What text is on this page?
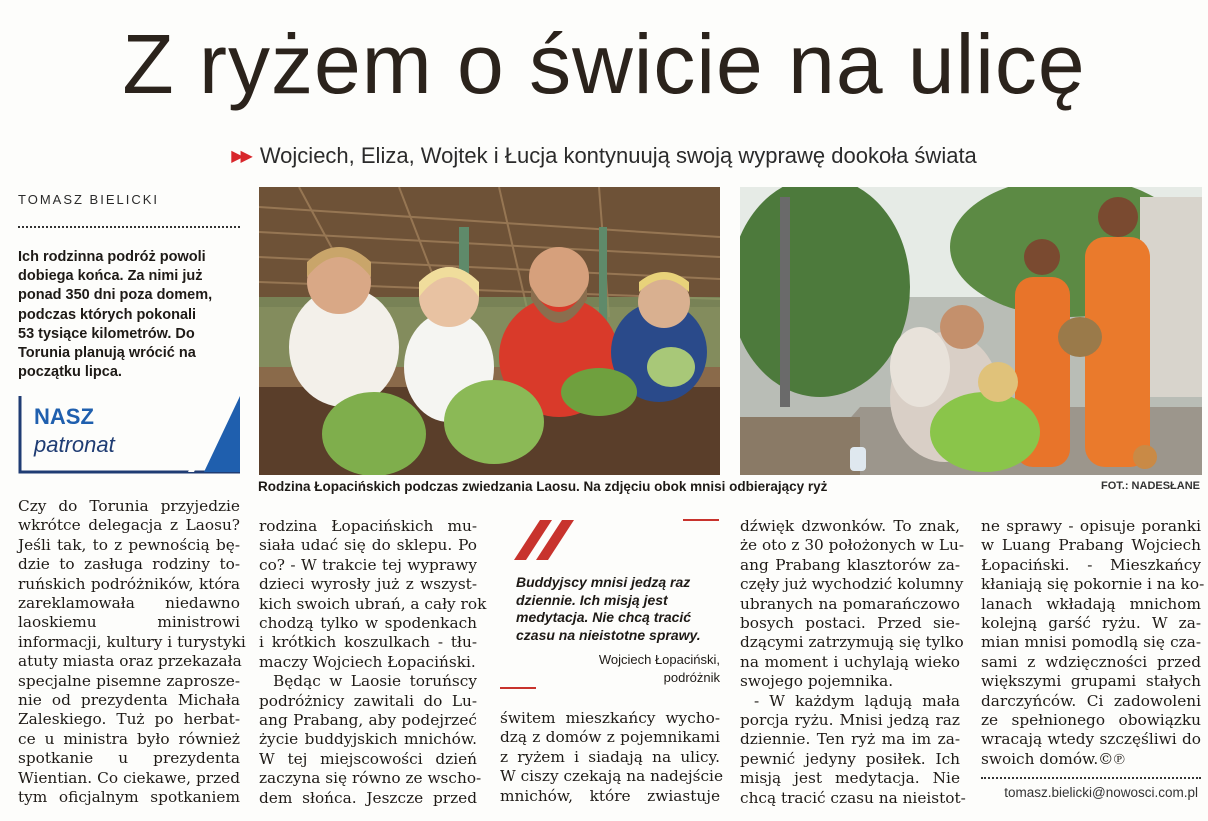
Z ryżem o świcie na ulicę
▶▶ Wojciech, Eliza, Wojtek i Łucja kontynuują swoją wyprawę dookoła świata
TOMASZ BIELICKI
Ich rodzinna podróż powoli
dobiega końca. Za nimi już
ponad 350 dni poza domem,
podczas których pokonali
53 tysiące kilometrów. Do
Torunia planują wrócić na
początku lipca.
NASZ
patronat
Rodzina Łopacińskich podczas zwiedzania Laosu. Na zdjęciu obok mnisi odbierający ryż	FOT.: NADESŁANE

Czy do Torunia przyjedzie

wkrótce delegacja z Laosu?

Jeśli tak, to z pewnością bę-

dzie to zasługa rodziny to-

ruńskich podróżników, która

zareklamowała niedawno

laoskiemu ministrowi

informacji, kultury i turystyki

atuty miasta oraz przekazała

specjalne pisemne zaprosze-

nie od prezydenta Michała

Zaleskiego. Tuż po herbat-

ce u ministra było również

spotkanie u prezydenta

Wientian. Co ciekawe, przed

tym oficjalnym spotkaniem

rodzina Łopacińskich mu-

siała udać się do sklepu. Po

co? - W trakcie tej wyprawy

dzieci wyrosły już z wszyst-

kich swoich ubrań, a cały rok

chodzą tylko w spodenkach

i krótkich koszulkach - tłu-

maczy Wojciech Łopaciński.

Będąc w Laosie toruńscy

podróżnicy zawitali do Lu-

ang Prabang, aby podejrzeć

życie buddyjskich mnichów.

W tej miejscowości dzień

zaczyna się równo ze wscho-

dem słońca. Jeszcze przed

Buddyjscy mnisi jedzą raz

dziennie. Ich misją jest

medytacja. Nie chcą tracić

czasu na nieistotne sprawy.

Wojciech Łopaciński,

podróżnik

świtem mieszkańcy wycho-

dzą z domów z pojemnikami

z ryżem i siadają na ulicy.

W ciszy czekają na nadejście

mnichów, które zwiastuje

dźwięk dzwonków. To znak,

że oto z 30 położonych w Lu-

ang Prabang klasztorów za-

częły już wychodzić kolumny

ubranych na pomarańczowo

bosych postaci. Przed sie-

dzącymi zatrzymują się tylko

na moment i uchylają wieko

swojego pojemnika.

- W każdym lądują mała

porcja ryżu. Mnisi jedzą raz

dziennie. Ten ryż ma im za-

pewnić jedyny posiłek. Ich

misją jest medytacja. Nie

chcą tracić czasu na nieistot-

ne sprawy - opisuje poranki

w Luang Prabang Wojciech

Łopaciński. - Mieszkańcy

kłaniają się pokornie i na ko-

lanach wkładają mnichom

kolejną garść ryżu. W za-

mian mnisi pomodlą się cza-

sami z wdzięczności przed

większymi grupami stałych

darczyńców. Ci zadowoleni

ze spełnionego obowiązku

wracają wtedy szczęśliwi do

swoich domów.©℗

tomasz.bielicki@nowosci.com.pl
